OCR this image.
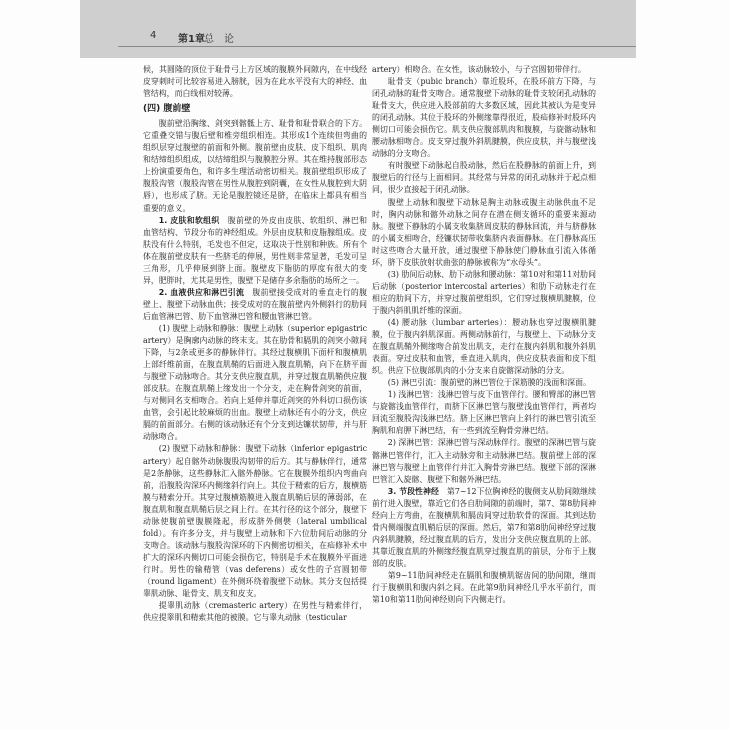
4 第1章 总　论

候，其圆隆的顶位于耻骨弓上方区域的腹膜外间隙内，在中线经皮穿刺时可比较容易进入膀胱，因为在此水平没有大的神经、血管结构，而白线相对较薄。

(四) 腹前壁

腹前壁沿胸缘、剑突到髂骶上方、耻骨和耻骨联合的下方。它重叠交错与腹后壁和椎旁组织相连。其形成1个连续但弯曲的组织层穿过腹壁的前面和外侧。腹前壁由皮肤、皮下组织、肌肉和结缔组织组成，以结缔组织与腹膜腔分界。其在维持腹部形态上扮演重要角色，和许多生理活动密切相关。腹前壁组织形成了腹股沟管（腹股沟管在男性从腹腔到阴囊，在女性从腹腔到大阴唇），也形成了脐。无论是腹腔镜还是脐，在临床上都具有相当重要的意义。

1. 皮肤和软组织　 腹前壁的外皮由皮肤、软组织、淋巴和血管结构、节段分布的神经组成。外层由皮肤和皮脂腺组成。皮肤没有什么特别，毛发也不但定，这取决于性别和种族。所有个体在腹前壁皮肤有一些脐毛的伸展，男性则非常显著，毛发可呈三角形，几乎伸展到脐上面。腹壁皮下脂肪的厚度有很大的变异，肥胖时，尤其是男性，腹壁下是储存多余脂肪的场所之一。

2. 血液供应和淋巴引流　 腹前壁接受成对的垂直走行的腹壁上、腹壁下动脉血供；接受成对的在腹前壁内外侧斜行的肋间后血管淋巴管、肋下血管淋巴管和腰血管淋巴管。

(1) 腹壁上动脉和静脉：腹壁上动脉（superior epigastric artery）是胸廓内动脉的终末支。其在肋骨和膈肌的剑突小隙间下降，与2条或更多的静脉伴行。其经过腹横肌下面杆和腹横肌上部纤维前面，在腹直肌鞘的后面进入腹直肌鞘，向下在脐平面与腹壁下动脉吻合。其分支供应腹直肌，并穿过腹直肌鞘供应腹部皮肤。在腹直肌鞘上缘发出一个分支，走在胸骨剑突的前面，与对侧同名支相吻合。若向上延伸并靠近剑突的外科切口损伤该血管，会引起比较麻烦的出血。腹壁上动脉还有小的分支，供应膈的前面部分。右侧的该动脉还有个分支到达镰状韧带，并与肝动脉吻合。

(2) 腹壁下动脉和静脉：腹壁下动脉（inferior epigastric artery）起自髂外动脉腹股沟韧带的后方。其与静脉伴行，通常是2条静脉，这些静脉汇入髂外静脉。它在腹膜外组织内弯曲向前，沿腹股沟深环内侧缘斜行向上。其位于精索的后方，腹横筋膜与精索分开。其穿过腹横筋膜进入腹直肌鞘后层的薄弱部，在腹直肌和腹直肌鞘后层之间上行。在其行径的这个部分，腹壁下动脉使腹前壁腹膜隆起，形成脐外侧襞（lateral umbilical fold）。有许多分支，并与腹壁上动脉和下六位肋间后动脉的分支吻合。该动脉与腹股沟深环的下内侧密切相关，在疝修补术中扩大的深环内侧切口可能会损伤它，特别是手术在腹膜外平面进行时。男性的输精管（vas deferens）或女性的子宫圆韧带（round ligament）在外侧环绕着腹壁下动脉。其分支包括提睾肌动脉、耻骨支、肌支和皮支。

提睾肌动脉（cremasteric artery）在男性与精索伴行，供应提睾肌和精索其他的被膜。它与睾丸动脉（testicular

artery）相吻合。在女性，该动脉较小，与子宫圆韧带伴行。

耻骨支（pubic branch）靠近股环，在股环前方下降，与闭孔动脉的耻骨支吻合。通常腹壁下动脉的耻骨支较闭孔动脉的耻骨支大，供应进入股部前的大多数区域，因此其被认为是变异的闭孔动脉。其位于股环的外侧缘靠得很近，股疝修补时股环内侧切口可能会损伤它。肌支供应腹部肌肉和腹膜，与旋髂动脉和腰动脉相吻合。皮支穿过腹外斜肌腱膜，供应皮肤，并与腹壁浅动脉的分支吻合。

有时腹壁下动脉起自股动脉，然后在股静脉的前面上升，到腹壁后的行径与上面相同。其经常与异常的闭孔动脉并于起点相同，很少直接起于闭孔动脉。

腹壁上动脉和腹壁下动脉是胸主动脉或腹主动脉供血不足时，胸内动脉和髂外动脉之间存在潜在侧支循环的重要来源动脉。腹壁下静脉的小属支收集脐周皮肤的静脉回流，并与脐静脉的小属支相吻合，经镰状韧带收集脐内表面静脉。在门静脉高压时这些吻合大量开放，通过腹壁下静脉使门静脉血引流入体循环，脐下皮肤放射状曲张的静脉被称为“水母头”。

(3) 肋间后动脉、肋下动脉和腰动脉：第10对和第11对肋间后动脉（posterior intercostal arteries）和肋下动脉走行在相应的肋间下方，并穿过腹前壁组织，它们穿过腹横肌腱膜，位于腹内斜肌肌纤维的深面。

(4) 腰动脉（lumbar arteries）：腰动脉也穿过腹横肌腱膜，位于腹内斜肌深面。两侧动脉前行，与腹壁上、下动脉分支在腹直肌鞘外侧缘吻合前发出肌支，走行在腹内斜肌和腹外斜肌表面。穿过皮肤和血管，垂直进入肌肉，供应皮肤表面和皮下组织。供应下位腹部肌肉的小分支来自旋髂深动脉的分支。

(5) 淋巴引流：腹前壁的淋巴管位于深筋膜的浅面和深面。

1) 浅淋巴管：浅淋巴管与皮下血管伴行。腰和臀部的淋巴管与旋髂浅血管伴行，而脐下区淋巴管与腹壁浅血管伴行，两者均回流至腹股沟浅淋巴结。脐上区淋巴管向上斜行的淋巴管引流至胸肌和肩胛下淋巴结，有一些到流至胸骨旁淋巴结。

2) 深淋巴管：深淋巴管与深动脉伴行。腹壁的深淋巴管与旋髂淋巴管伴行，汇入主动脉旁和主动脉淋巴结。腹前壁上部的深淋巴管与腹壁上血管伴行并汇入胸骨旁淋巴结。腹壁下部的深淋巴管汇入旋髂、腹壁下和髂外淋巴结。

3. 节段性神经　 第7~12下位胸神经的腹侧支从肋间隙继续前行进入腹壁，靠近它们各自肋间隙的前端时，第7、第8肋间神经向上方弯曲，在腹横肌和膈齿间穿过肋软骨的深面。其到达肋骨内侧端腹直肌鞘后层的深面。然后，第7和第8肋间神经穿过腹内斜肌腱膜，经过腹直肌的后方，发出分支供应腹直肌的上部。其靠近腹直肌的外侧缘经腹直肌穿过腹直肌的前层，分布于上腹部的皮肤。

第9~11肋间神经走在膈肌和腹横肌锯齿间的肋间隙，继而行于腹横肌和腹内斜之间。在此第9肋间神经几乎水平前行，而第10和第11肋间神经则向下内侧走行。
